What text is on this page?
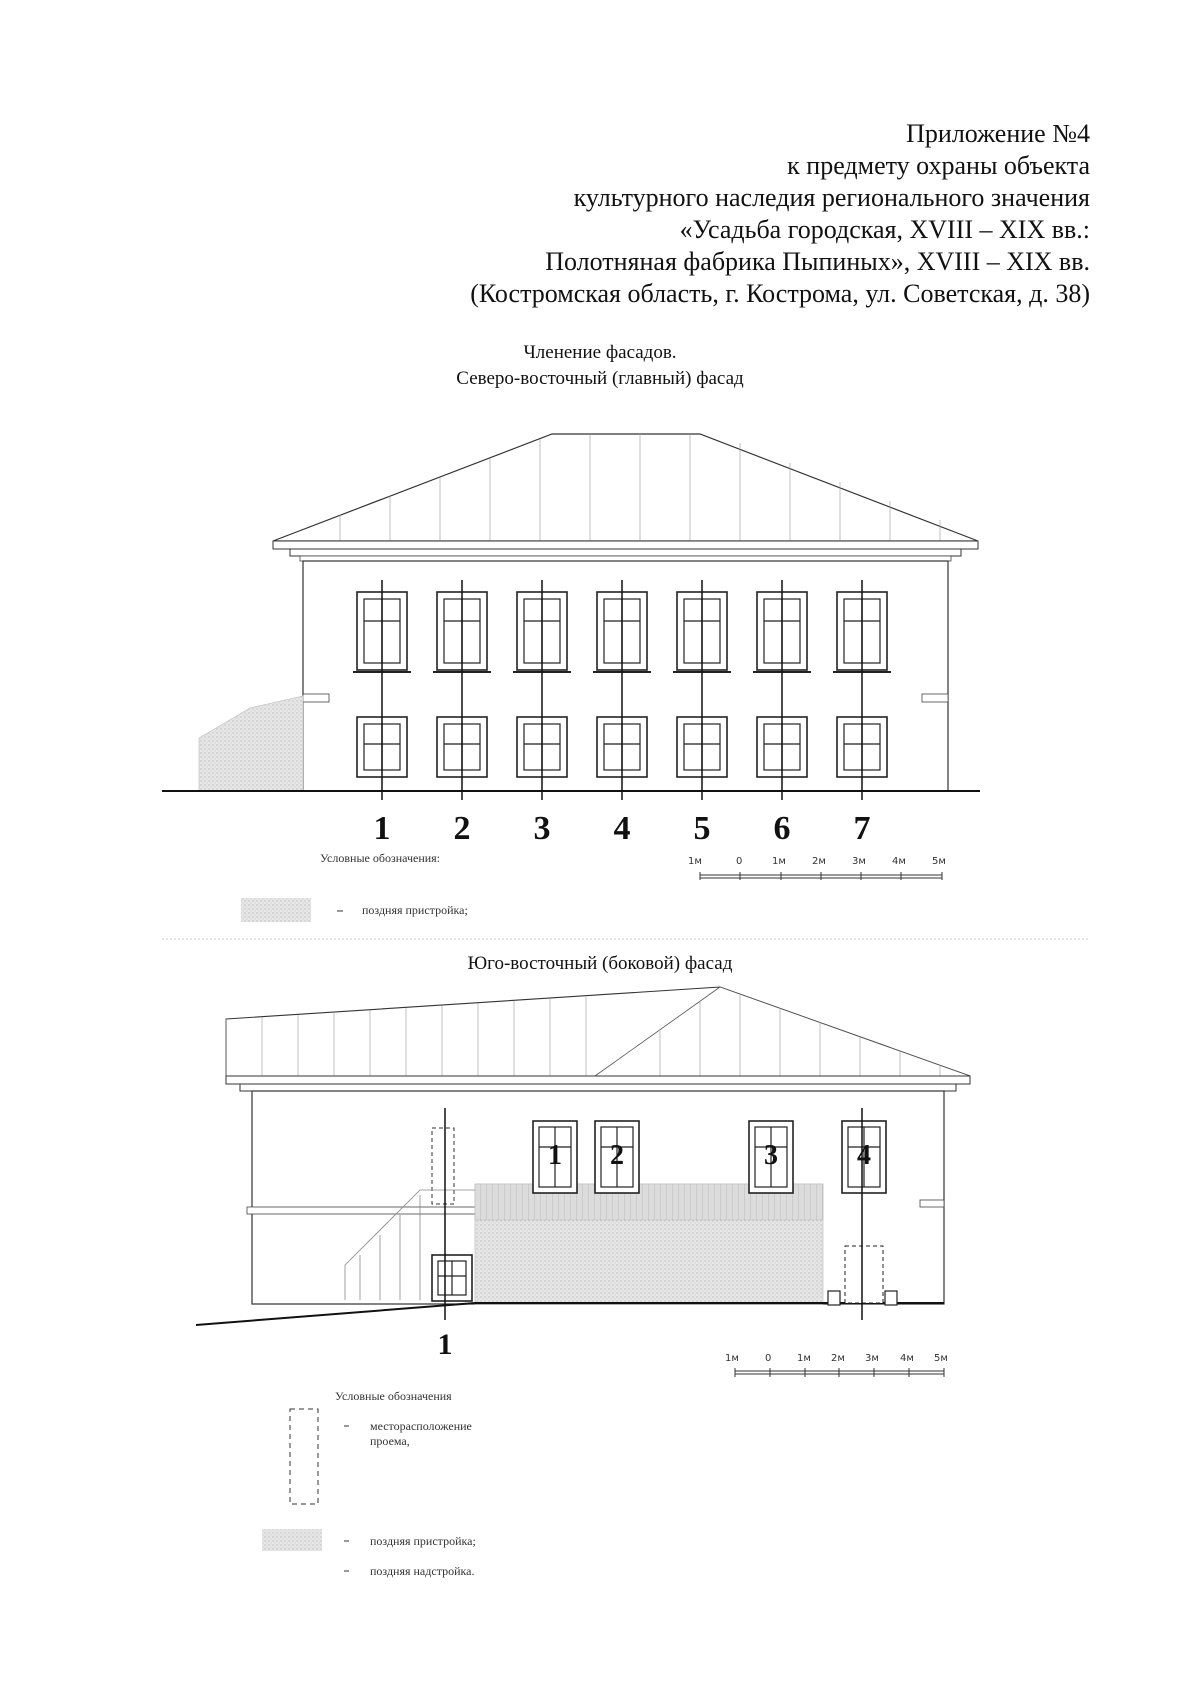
Приложение №4
к предмету охраны объекта
культурного наследия регионального значения
«Усадьба городская, XVIII – XIX вв.:
Полотняная фабрика Пыпиных», XVIII – XIX вв.
(Костромская область, г. Кострома, ул. Советская, д. 38)
Членение фасадов.
Северо-восточный (главный) фасад
1	2	3	4	5	6	7
Условные обозначения:
поздняя пристройка;
1м	0	1м	2м	3м	4м	5м
Юго-восточный (боковой) фасад
1	2	3	4
1	1м	0	1м 2м 3м 4м 5м
Условные обозначения
месторасположение
проема,
поздняя пристройка;
поздняя надстройка.
